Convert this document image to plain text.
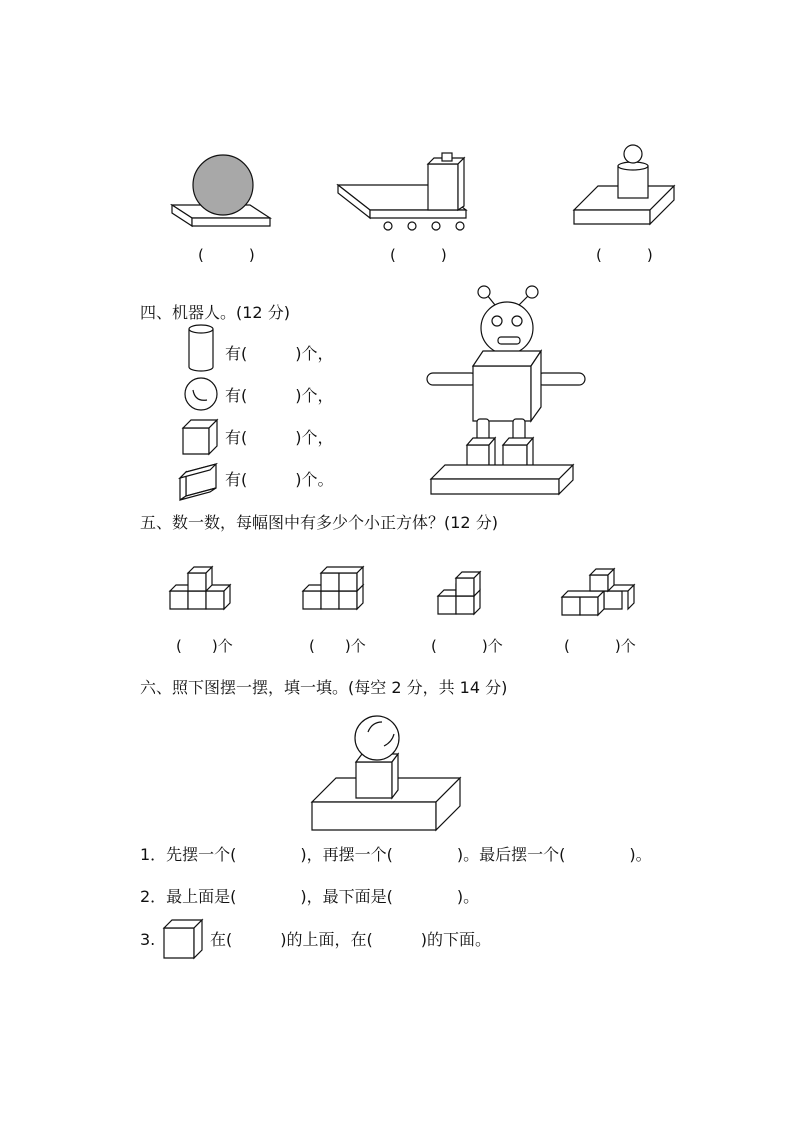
(　　　)	(　　　)	(　　　)
四、机器人。(12 分)
有(　　　)个，
有(　　　)个，
有(　　　)个，
有(　　　)个。
五、数一数，每幅图中有多少个小正方体？(12 分)
(　　)个	(　　)个	(　　　)个	(　　　)个
六、照下图摆一摆，填一填。(每空 2 分，共 14 分)
1．先摆一个(　　　　)，再摆一个(　　　　)。最后摆一个(　　　　)。
2．最上面是(　　　　)，最下面是(　　　　)。
3.	在(　　　)的上面，在(　　　)的下面。
